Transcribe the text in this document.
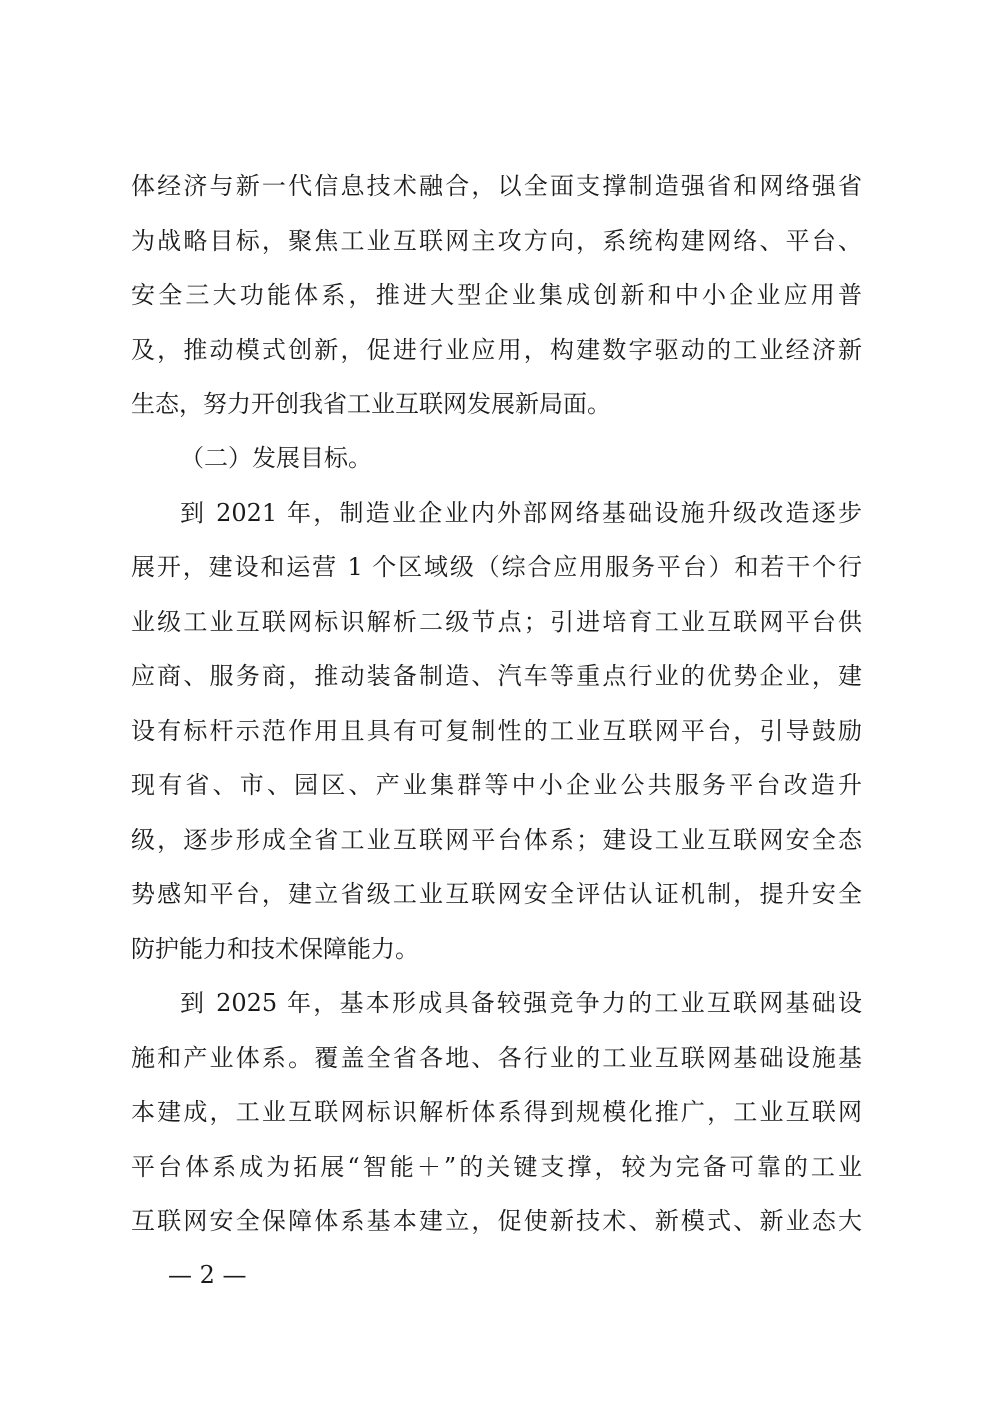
体经济与新一代信息技术融合，以全面支撑制造强省和网络强省
为战略目标，聚焦工业互联网主攻方向，系统构建网络、平台、
安全三大功能体系，推进大型企业集成创新和中小企业应用普
及，推动模式创新，促进行业应用，构建数字驱动的工业经济新
生态，努力开创我省工业互联网发展新局面。
（二）发展目标。
到 2021 年，制造业企业内外部网络基础设施升级改造逐步
展开，建设和运营 1 个区域级（综合应用服务平台）和若干个行
业级工业互联网标识解析二级节点；引进培育工业互联网平台供
应商、服务商，推动装备制造、汽车等重点行业的优势企业，建
设有标杆示范作用且具有可复制性的工业互联网平台，引导鼓励
现有省、市、园区、产业集群等中小企业公共服务平台改造升
级，逐步形成全省工业互联网平台体系；建设工业互联网安全态
势感知平台，建立省级工业互联网安全评估认证机制，提升安全
防护能力和技术保障能力。
到 2025 年，基本形成具备较强竞争力的工业互联网基础设
施和产业体系。覆盖全省各地、各行业的工业互联网基础设施基
本建成，工业互联网标识解析体系得到规模化推广，工业互联网
平台体系成为拓展“智能＋”的关键支撑，较为完备可靠的工业
互联网安全保障体系基本建立，促使新技术、新模式、新业态大
— 2 —
